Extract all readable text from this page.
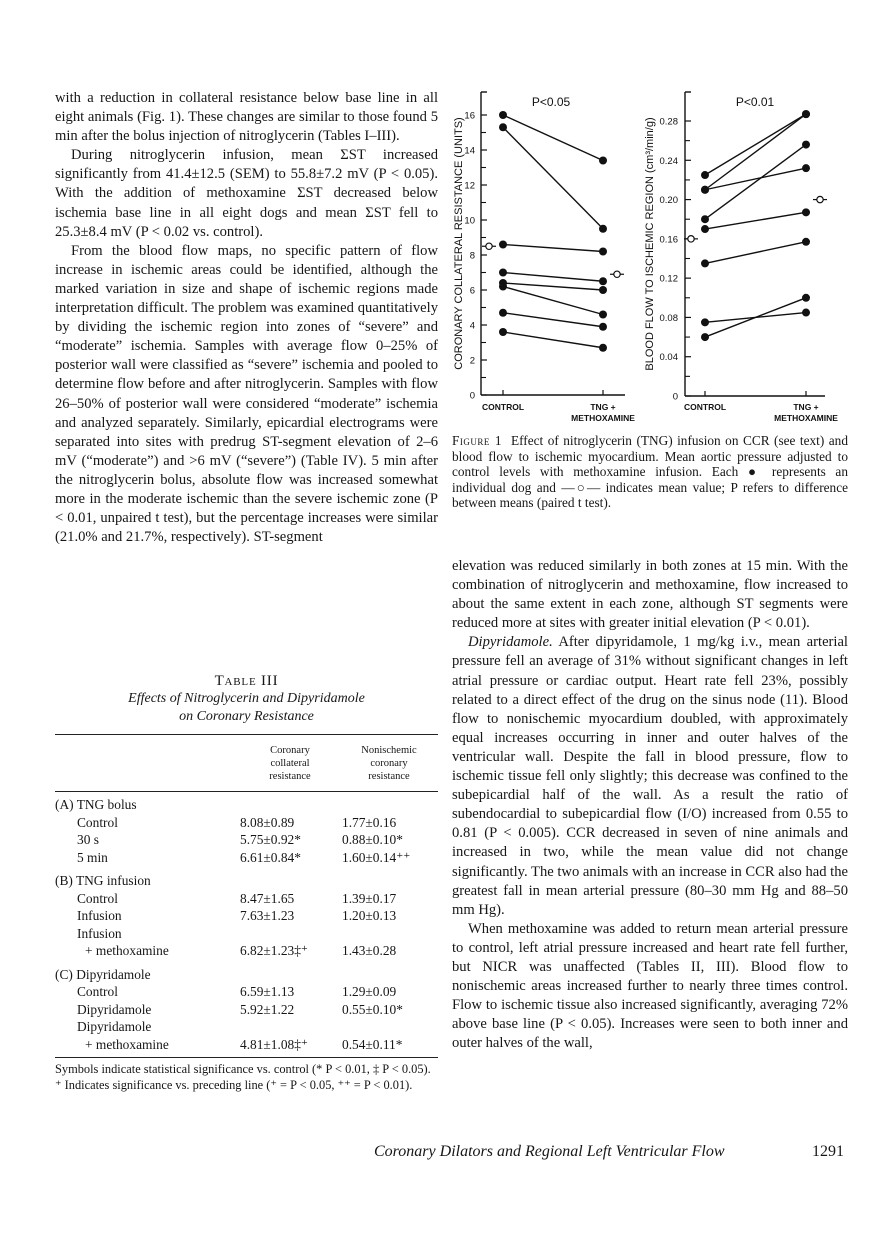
with a reduction in collateral resistance below base line in all eight animals (Fig. 1). These changes are similar to those found 5 min after the bolus injection of nitroglycerin (Tables I–III).

During nitroglycerin infusion, mean ΣST increased significantly from 41.4±12.5 (SEM) to 55.8±7.2 mV (P < 0.05). With the addition of methoxamine ΣST decreased below ischemia base line in all eight dogs and mean ΣST fell to 25.3±8.4 mV (P < 0.02 vs. control).

From the blood flow maps, no specific pattern of flow increase in ischemic areas could be identified, although the marked variation in size and shape of ischemic regions made interpretation difficult. The problem was examined quantitatively by dividing the ischemic region into zones of “severe” and “moderate” ischemia. Samples with average flow 0–25% of posterior wall were classified as “severe” ischemia and pooled to determine flow before and after nitroglycerin. Samples with flow 26–50% of posterior wall were considered “moderate” ischemia and analyzed separately. Similarly, epicardial electrograms were separated into sites with predrug ST-segment elevation of 2–6 mV (“moderate”) and >6 mV (“severe”) (Table IV). 5 min after the nitroglycerin bolus, absolute flow was increased somewhat more in the moderate ischemic than the severe ischemic zone (P < 0.01, unpaired t test), but the percentage increases were similar (21.0% and 21.7%, respectively). ST-segment

0
2
4
6
8
10
12
14
16
CORONARY COLLATERAL RESISTANCE (UNITS)
P<0.05
CONTROL	TNG +
METHOXAMINE
0
0.04
0.08
0.12
0.16
0.20
0.24
0.28
BLOOD FLOW TO ISCHEMIC REGION (cm³/min/g)
P<0.01
CONTROL	TNG +
METHOXAMINE
Figure 1 Effect of nitroglycerin (TNG) infusion on CCR (see text) and blood flow to ischemic myocardium. Mean aortic pressure adjusted to control levels with methoxamine infusion. Each ● represents an individual dog and —○— indicates mean value; P refers to difference between means (paired t test).
Table III
Effects of Nitroglycerin and Dipyridamole
on Coronary Resistance
Coronary collateral resistance
Nonischemic coronary resistance
(A) TNG bolus
Control	8.08±0.89	1.77±0.16
30 s	5.75±0.92*	0.88±0.10*
5 min	6.61±0.84*	1.60±0.14⁺⁺
(B) TNG infusion
Control	8.47±1.65	1.39±0.17
Infusion	7.63±1.23	1.20±0.13
Infusion
+ methoxamine	6.82±1.23‡⁺	1.43±0.28
(C) Dipyridamole
Control	6.59±1.13	1.29±0.09
Dipyridamole	5.92±1.22	0.55±0.10*
Dipyridamole
+ methoxamine	4.81±1.08‡⁺	0.54±0.11*
Symbols indicate statistical significance vs. control (* P < 0.01, ‡ P < 0.05).
⁺ Indicates significance vs. preceding line (⁺ = P < 0.05, ⁺⁺ = P < 0.01).

elevation was reduced similarly in both zones at 15 min. With the combination of nitroglycerin and methoxamine, flow increased to about the same extent in each zone, although ST segments were reduced more at sites with greater initial elevation (P < 0.01).

Dipyridamole. After dipyridamole, 1 mg/kg i.v., mean arterial pressure fell an average of 31% without significant changes in left atrial pressure or cardiac output. Heart rate fell 23%, possibly related to a direct effect of the drug on the sinus node (11). Blood flow to nonischemic myocardium doubled, with approximately equal increases occurring in inner and outer halves of the ventricular wall. Despite the fall in blood pressure, flow to ischemic tissue fell only slightly; this decrease was confined to the subepicardial half of the wall. As a result the ratio of subendocardial to subepicardial flow (I/O) increased from 0.55 to 0.81 (P < 0.005). CCR decreased in seven of nine animals and increased in two, while the mean value did not change significantly. The two animals with an increase in CCR also had the greatest fall in mean arterial pressure (80–30 mm Hg and 88–50 mm Hg).

When methoxamine was added to return mean arterial pressure to control, left atrial pressure increased and heart rate fell further, but NICR was unaffected (Tables II, III). Blood flow to nonischemic areas increased further to nearly three times control. Flow to ischemic tissue also increased significantly, averaging 72% above base line (P < 0.05). Increases were seen to both inner and outer halves of the wall,

Coronary Dilators and Regional Left Ventricular Flow	1291
